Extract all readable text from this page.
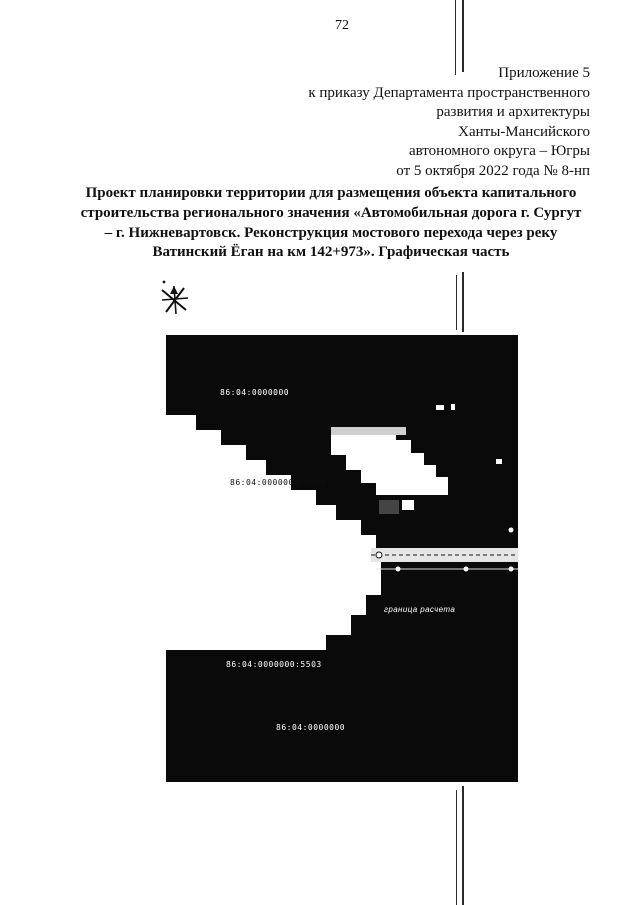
72
Приложение 5
к приказу Департамента пространственного
развития и архитектуры
Ханты-Мансийского
автономного округа – Югры
от 5 октября 2022 года № 8-нп
Проект планировки территории для размещения объекта капитального
строительства регионального значения «Автомобильная дорога г. Сургут
– г. Нижневартовск. Реконструкция мостового перехода через реку
Ватинский Ёган на км 142+973». Графическая часть
86:04:0000000
86:04:0000000:0000
граница расчета
86:04:0000000:5503
86:04:0000000
